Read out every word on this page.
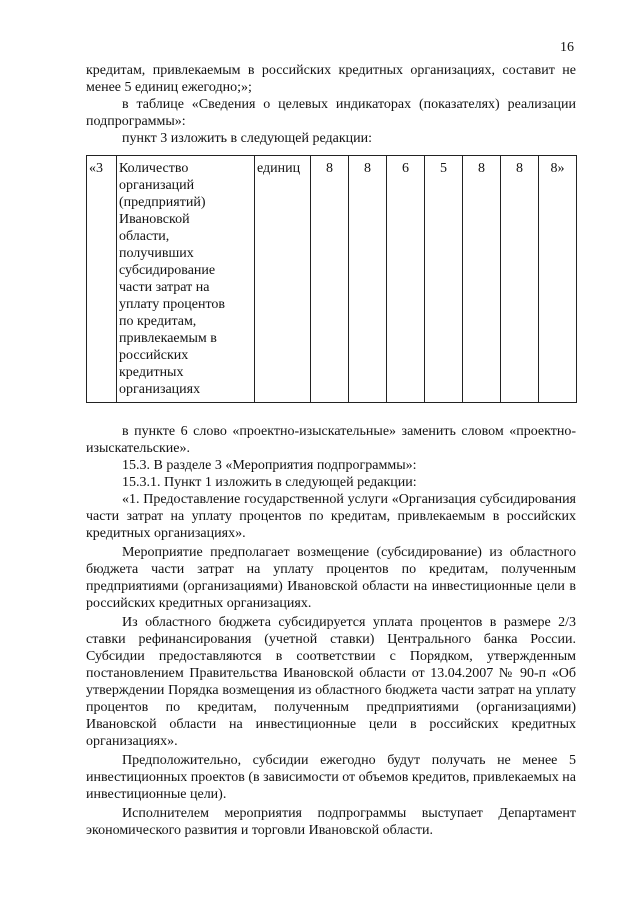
16

кредитам, привлекаемым в российских кредитных организациях, составит не менее 5 единиц ежегодно;»;

в таблице «Сведения о целевых индикаторах (показателях) реализации подпрограммы»:

пункт 3 изложить в следующей редакции:

«3	Количество
организаций
(предприятий)
Ивановской
области,
получивших
субсидирование
части затрат на
уплату процентов
по кредитам,
привлекаемым в
российских
кредитных
организациях
	единиц	8	8	6	5	8	8	8»

в пункте 6 слово «проектно-изыскательные» заменить словом «проектно-изыскательские».

15.3. В разделе 3 «Мероприятия подпрограммы»:

15.3.1. Пункт 1 изложить в следующей редакции:

«1. Предоставление государственной услуги «Организация субсидирования части затрат на уплату процентов по кредитам, привлекаемым в российских кредитных организациях».

Мероприятие предполагает возмещение (субсидирование) из областного бюджета части затрат на уплату процентов по кредитам, полученным предприятиями (организациями) Ивановской области на инвестиционные цели в российских кредитных организациях.

Из областного бюджета субсидируется уплата процентов в размере 2/3 ставки рефинансирования (учетной ставки) Центрального банка России. Субсидии предоставляются в соответствии с Порядком, утвержденным постановлением Правительства Ивановской области от 13.04.2007 № 90-п «Об утверждении Порядка возмещения из областного бюджета части затрат на уплату процентов по кредитам, полученным предприятиями (организациями) Ивановской области на инвестиционные цели в российских кредитных организациях».

Предположительно, субсидии ежегодно будут получать не менее 5 инвестиционных проектов (в зависимости от объемов кредитов, привлекаемых на инвестиционные цели).

Исполнителем мероприятия подпрограммы выступает Департамент экономического развития и торговли Ивановской области.
